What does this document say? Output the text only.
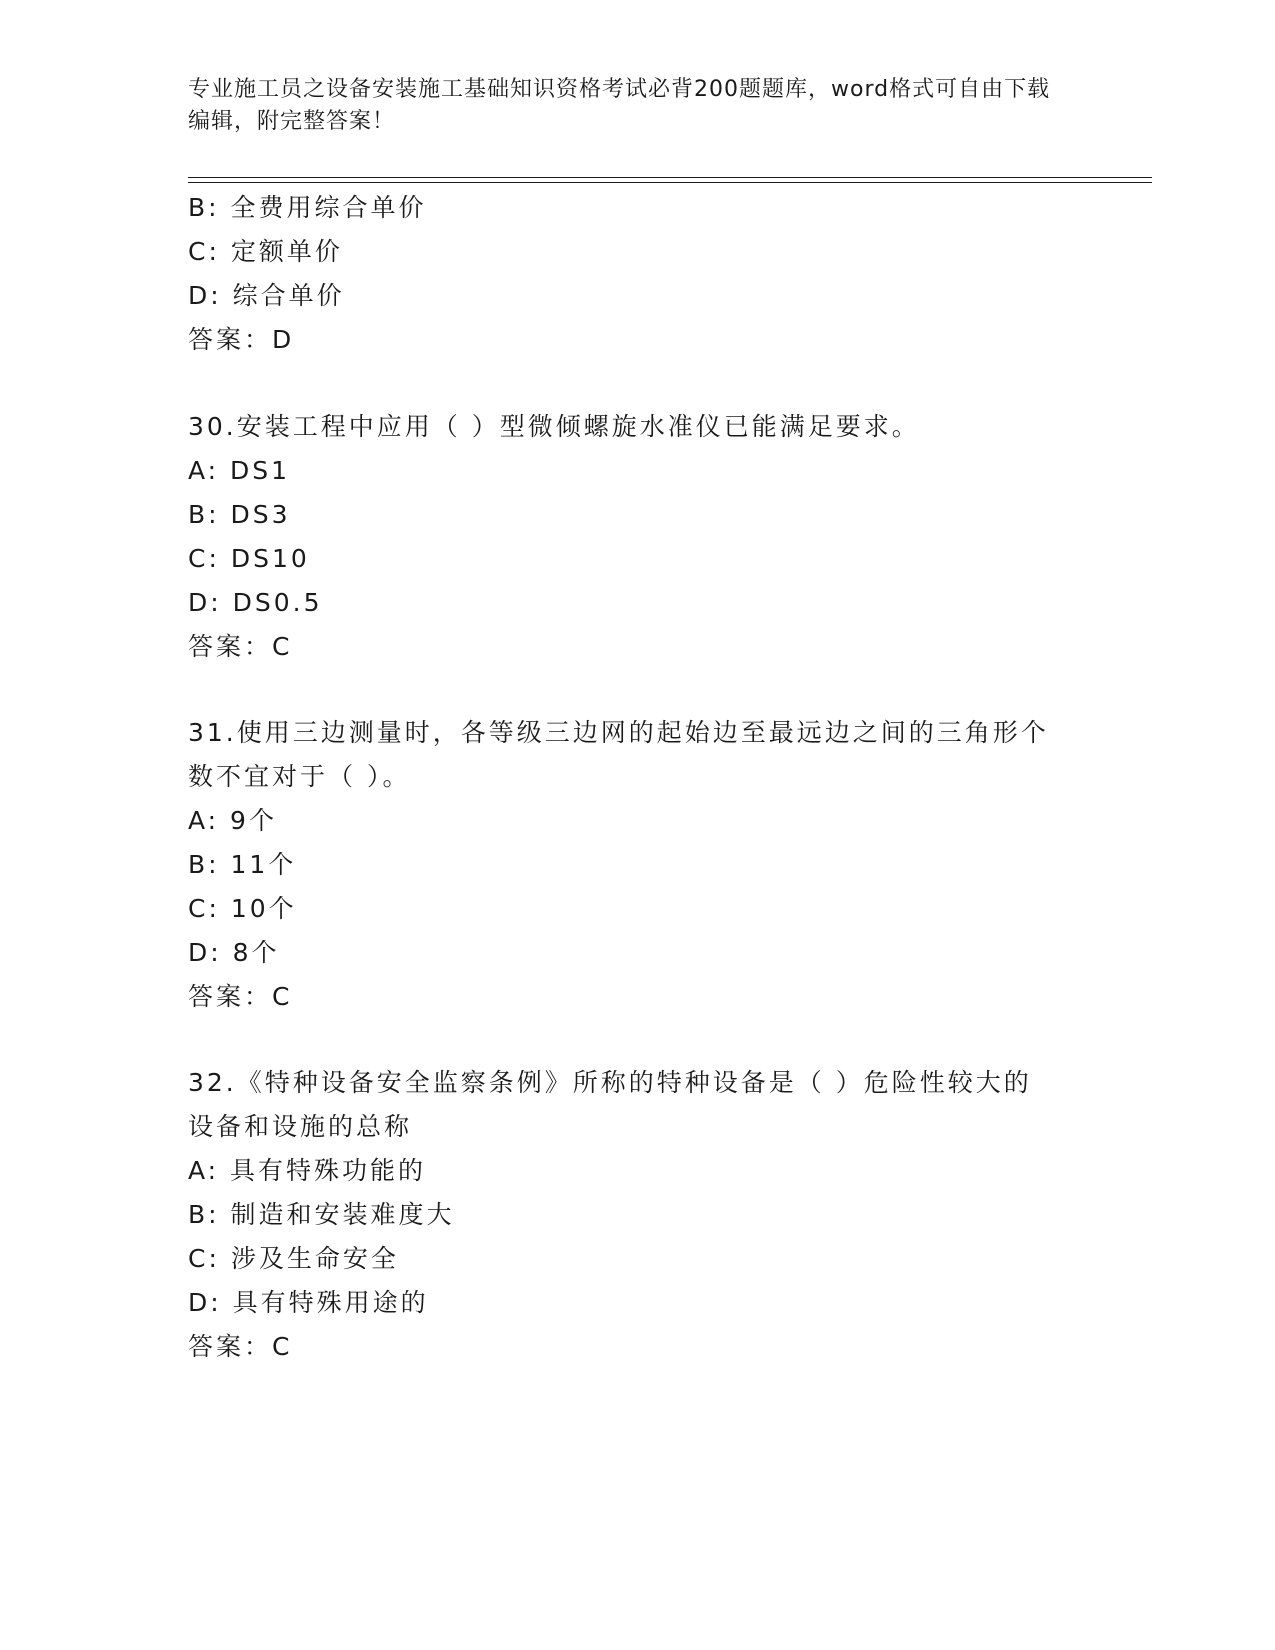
专业施工员之设备安装施工基础知识资格考试必背200题题库，word格式可自由下载编辑，附完整答案！
B: 全费用综合单价
C: 定额单价
D: 综合单价
答案：D
30.安装工程中应用（ ）型微倾螺旋水准仪已能满足要求。
A: DS1
B: DS3
C: DS10
D: DS0.5
答案：C
31.使用三边测量时，各等级三边网的起始边至最远边之间的三角形个
数不宜对于（ ）。
A: 9个
B: 11个
C: 10个
D: 8个
答案：C
32.《特种设备安全监察条例》所称的特种设备是（ ）危险性较大的
设备和设施的总称
A: 具有特殊功能的
B: 制造和安装难度大
C: 涉及生命安全
D: 具有特殊用途的
答案：C
